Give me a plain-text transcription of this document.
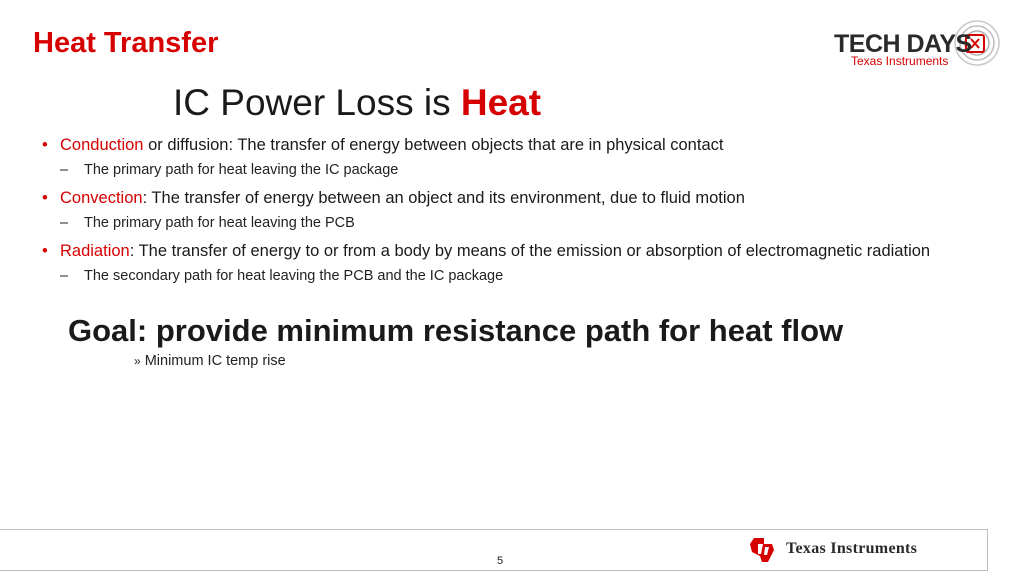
Heat Transfer	TECH DAYS
Texas Instruments
IC Power Loss is Heat
• Conduction or diffusion: The transfer of energy between objects that are in physical contact
– The primary path for heat leaving the IC package
• Convection: The transfer of energy between an object and its environment, due to fluid motion
– The primary path for heat leaving the PCB
• Radiation: The transfer of energy to or from a body by means of the emission or absorption of electromagnetic radiation
– The secondary path for heat leaving the PCB and the IC package
Goal: provide minimum resistance path for heat flow
» Minimum IC temp rise
5
Texas Instruments
